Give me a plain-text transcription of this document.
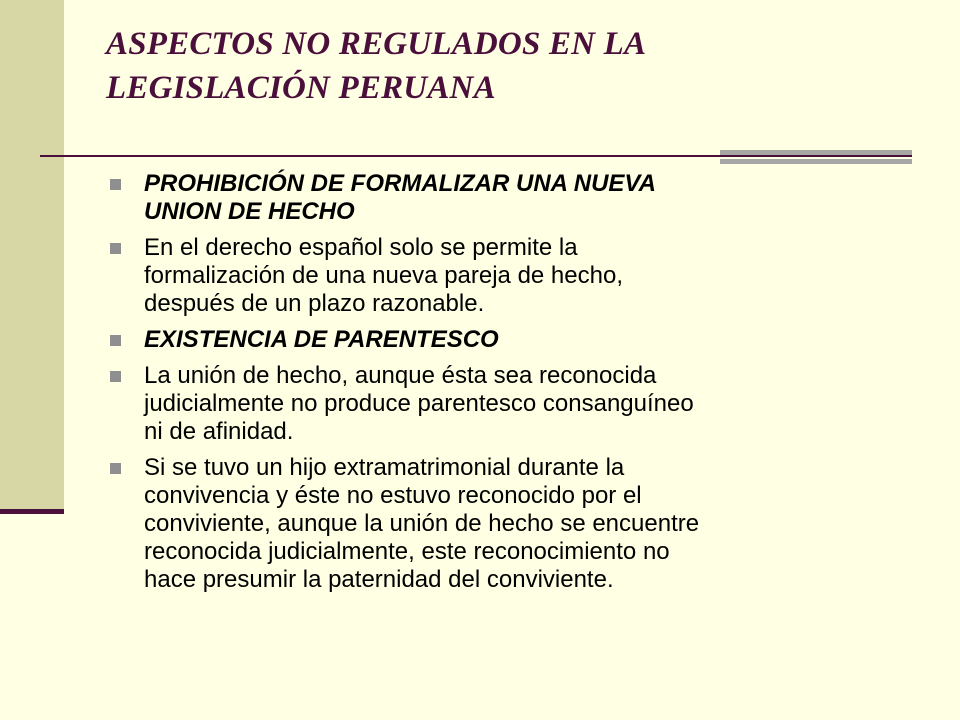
ASPECTOS NO REGULADOS EN LA
LEGISLACIÓN PERUANA
PROHIBICIÓN DE FORMALIZAR UNA NUEVA
UNION DE HECHO
En el derecho español solo se permite la
formalización de una nueva pareja de hecho,
después de un plazo razonable.
EXISTENCIA DE PARENTESCO
La unión de hecho, aunque ésta sea reconocida
judicialmente no produce parentesco consanguíneo
ni de afinidad.
Si se tuvo un hijo extramatrimonial durante la
convivencia y éste no estuvo reconocido por el
conviviente, aunque la unión de hecho se encuentre
reconocida judicialmente, este reconocimiento no
hace presumir la paternidad del conviviente.
